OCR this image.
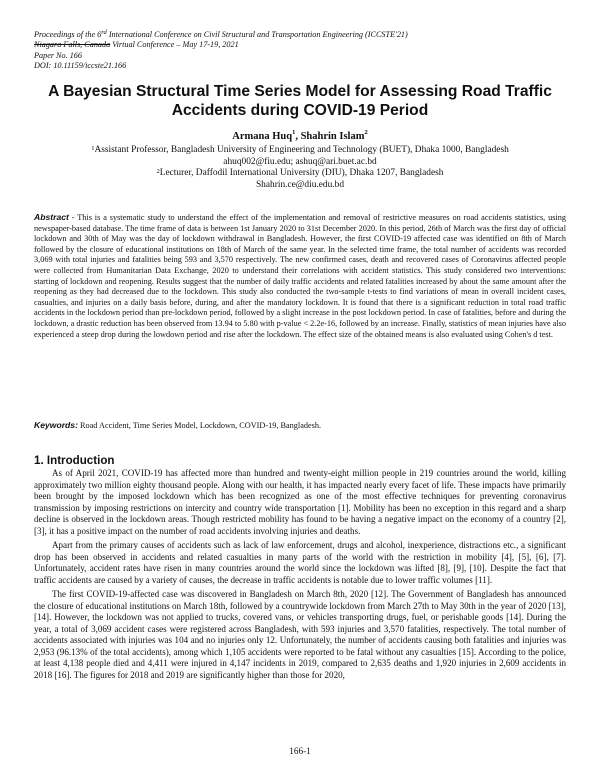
Proceedings of the 6rd International Conference on Civil Structural and Transportation Engineering (ICCSTE'21)
Niagara Falls, Canada Virtual Conference – May 17-19, 2021
Paper No. 166
DOI: 10.11159/iccste21.166
A Bayesian Structural Time Series Model for Assessing Road Traffic Accidents during COVID-19 Period
Armana Huq$^1$, Shahrin Islam$^2$
$^1$Assistant Professor, Bangladesh University of Engineering and Technology (BUET), Dhaka 1000, Bangladesh
ahuq002@fiu.edu; ashuq@ari.buet.ac.bd
$^2$Lecturer, Daffodil International University (DIU), Dhaka 1207, Bangladesh
Shahrin.ce@diu.edu.bd
Abstract - This is a systematic study to understand the effect of the implementation and removal of restrictive measures on road accidents statistics, using newspaper-based database. The time frame of data is between 1st January 2020 to 31st December 2020. In this period, 26th of March was the first day of official lockdown and 30th of May was the day of lockdown withdrawal in Bangladesh. However, the first COVID-19 affected case was identified on 8th of March followed by the closure of educational institutions on 18th of March of the same year. In the selected time frame, the total number of accidents was recorded 3,069 with total injuries and fatalities being 593 and 3,570 respectively. The new confirmed cases, death and recovered cases of Coronavirus affected people were collected from Humanitarian Data Exchange, 2020 to understand their correlations with accident statistics. This study considered two interventions: starting of lockdown and reopening. Results suggest that the number of daily traffic accidents and related fatalities increased by about the same amount after the reopening as they had decreased due to the lockdown. This study also conducted the two-sample t-tests to find variations of mean in overall incident cases, casualties, and injuries on a daily basis before, during, and after the mandatory lockdown. It is found that there is a significant reduction in total road traffic accidents in the lockdown period than pre-lockdown period, followed by a slight increase in the post lockdown period. In case of fatalities, before and during the lockdown, a drastic reduction has been observed from 13.94 to 5.80 with p-value < 2.2e-16, followed by an increase. Finally, statistics of mean injuries have also experienced a steep drop during the lowdown period and rise after the lockdown. The effect size of the obtained means is also evaluated using Cohen's d test.
Keywords: Road Accident, Time Series Model, Lockdown, COVID-19, Bangladesh.
1. Introduction

As of April 2021, COVID-19 has affected more than hundred and twenty-eight million people in 219 countries around the world, killing approximately two million eighty thousand people. Along with our health, it has impacted nearly every facet of life. These impacts have primarily been brought by the imposed lockdown which has been recognized as one of the most effective techniques for preventing coronavirus transmission by imposing restrictions on intercity and country wide transportation [1]. Mobility has been no exception in this regard and a sharp decline is observed in the lockdown areas. Though restricted mobility has found to be having a negative impact on the economy of a country [2], [3], it has a positive impact on the number of road accidents involving injuries and deaths.

Apart from the primary causes of accidents such as lack of law enforcement, drugs and alcohol, inexperience, distractions etc., a significant drop has been observed in accidents and related casualties in many parts of the world with the restriction in mobility [4], [5], [6], [7]. Unfortunately, accident rates have risen in many countries around the world since the lockdown was lifted [8], [9], [10]. Despite the fact that traffic accidents are caused by a variety of causes, the decrease in traffic accidents is notable due to lower traffic volumes [11].

The first COVID-19-affected case was discovered in Bangladesh on March 8th, 2020 [12]. The Government of Bangladesh has announced the closure of educational institutions on March 18th, followed by a countrywide lockdown from March 27th to May 30th in the year of 2020 [13], [14]. However, the lockdown was not applied to trucks, covered vans, or vehicles transporting drugs, fuel, or perishable goods [14]. During the year, a total of 3,069 accident cases were registered across Bangladesh, with 593 injuries and 3,570 fatalities, respectively. The total number of accidents associated with injuries was 104 and no injuries only 12. Unfortunately, the number of accidents causing both fatalities and injuries was 2,953 (96.13% of the total accidents), among which 1,105 accidents were reported to be fatal without any casualties [15]. According to the police, at least 4,138 people died and 4,411 were injured in 4,147 incidents in 2019, compared to 2,635 deaths and 1,920 injuries in 2,609 accidents in 2018 [16]. The figures for 2018 and 2019 are significantly higher than those for 2020,

166-1
